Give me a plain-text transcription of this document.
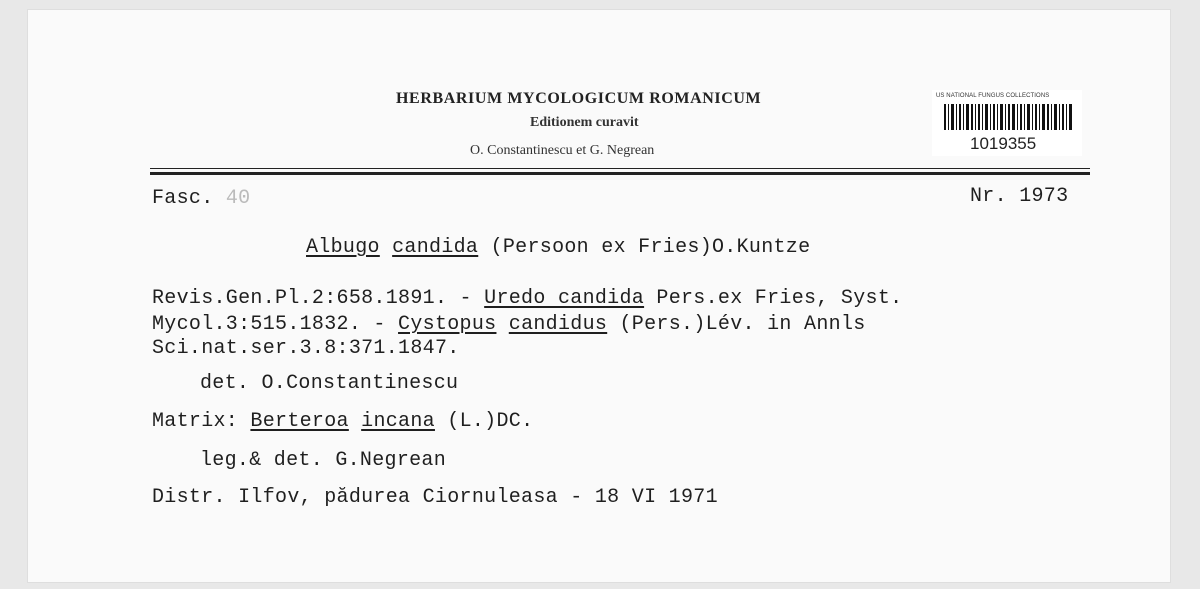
HERBARIUM MYCOLOGICUM ROMANICUM
Editionem curavit
O. Constantinescu et G. Negrean
US NATIONAL FUNGUS COLLECTIONS
1019355
Fasc. 40	Nr. 1973
Albugo candida (Persoon ex Fries)O.Kuntze
Revis.Gen.Pl.2:658.1891. - Uredo candida Pers.ex Fries, Syst.
Mycol.3:515.1832. - Cystopus candidus (Pers.)Lév. in Annls
Sci.nat.ser.3.8:371.1847.
det. O.Constantinescu
Matrix: Berteroa incana (L.)DC.
leg.& det. G.Negrean
Distr. Ilfov, pădurea Ciornuleasa - 18 VI 1971
